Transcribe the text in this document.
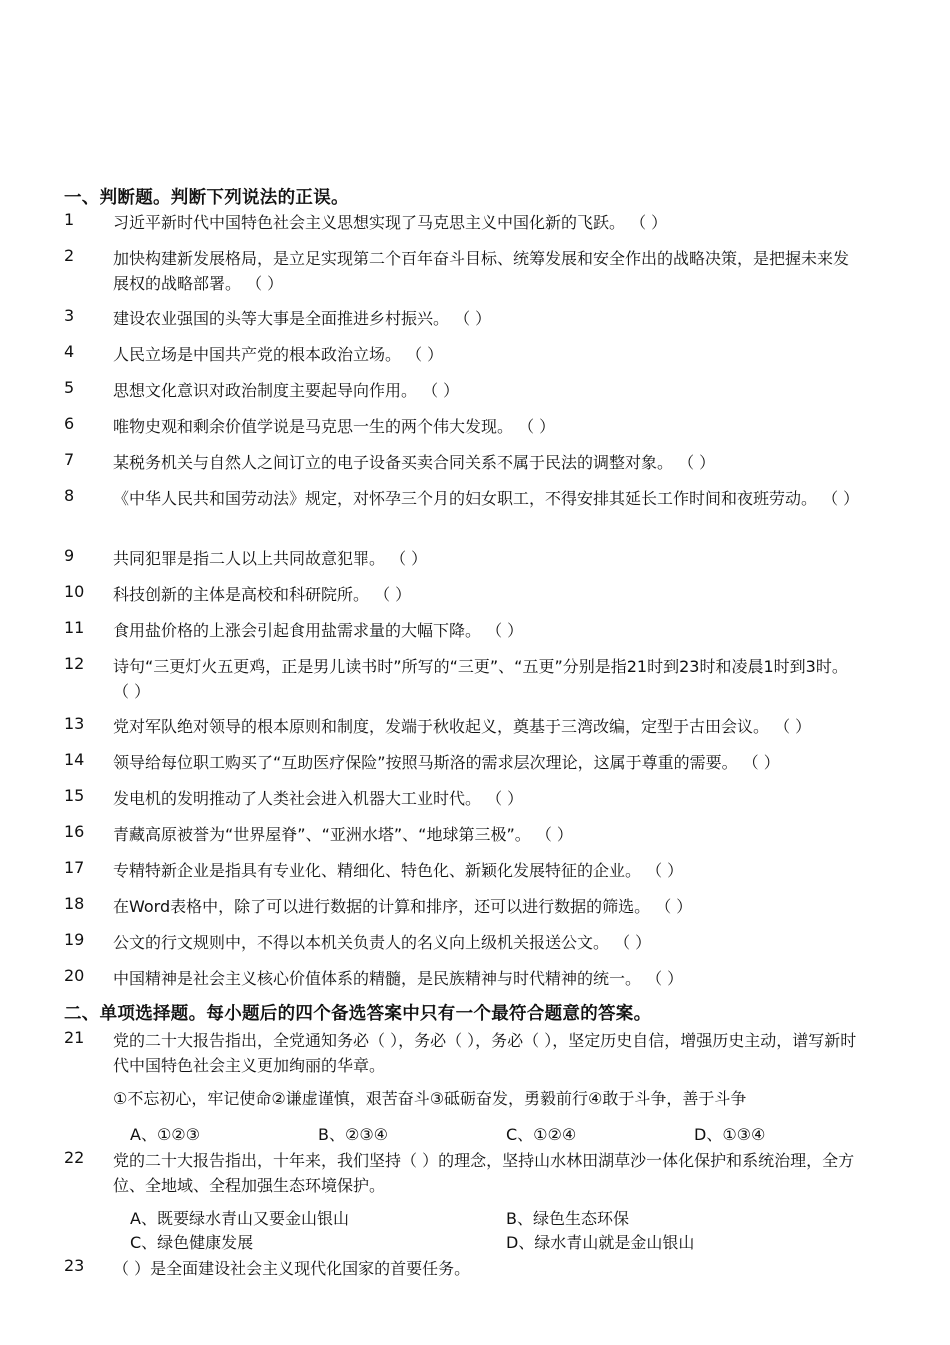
一、判断题。判断下列说法的正误。
1	习近平新时代中国特色社会主义思想实现了马克思主义中国化新的飞跃。 （ ）
2	加快构建新发展格局，是立足实现第二个百年奋斗目标、统筹发展和安全作出的战略决策，是把握未来发展权的战略部署。 （ ）
3	建设农业强国的头等大事是全面推进乡村振兴。 （ ）
4	人民立场是中国共产党的根本政治立场。 （ ）
5	思想文化意识对政治制度主要起导向作用。 （ ）
6	唯物史观和剩余价值学说是马克思一生的两个伟大发现。 （ ）
7	某税务机关与自然人之间订立的电子设备买卖合同关系不属于民法的调整对象。 （ ）
8	《中华人民共和国劳动法》规定，对怀孕三个月的妇女职工，不得安排其延长工作时间和夜班劳动。 （ ）
9	共同犯罪是指二人以上共同故意犯罪。 （ ）
10	科技创新的主体是高校和科研院所。 （ ）
11	食用盐价格的上涨会引起食用盐需求量的大幅下降。 （ ）
12	诗句“三更灯火五更鸡，正是男儿读书时”所写的“三更”、“五更”分别是指21时到23时和凌晨1时到3时。 （ ）
13	党对军队绝对领导的根本原则和制度，发端于秋收起义，奠基于三湾改编，定型于古田会议。 （ ）
14	领导给每位职工购买了“互助医疗保险”按照马斯洛的需求层次理论，这属于尊重的需要。 （ ）
15	发电机的发明推动了人类社会进入机器大工业时代。 （ ）
16	青藏高原被誉为“世界屋脊”、“亚洲水塔”、“地球第三极”。 （ ）
17	专精特新企业是指具有专业化、精细化、特色化、新颖化发展特征的企业。 （ ）
18	在Word表格中，除了可以进行数据的计算和排序，还可以进行数据的筛选。 （ ）
19	公文的行文规则中，不得以本机关负责人的名义向上级机关报送公文。 （ ）
20	中国精神是社会主义核心价值体系的精髓，是民族精神与时代精神的统一。 （ ）
二、单项选择题。每小题后的四个备选答案中只有一个最符合题意的答案。
21	党的二十大报告指出，全党通知务必（ ），务必（ ），务必（ ），坚定历史自信，增强历史主动，谱写新时代中国特色社会主义更加绚丽的华章。
①不忘初心，牢记使命②谦虚谨慎，艰苦奋斗③砥砺奋发，勇毅前行④敢于斗争，善于斗争
A、①②③	B、②③④	C、①②④	D、①③④
22	党的二十大报告指出，十年来，我们坚持（ ）的理念，坚持山水林田湖草沙一体化保护和系统治理，全方位、全地域、全程加强生态环境保护。
A、既要绿水青山又要金山银山	B、绿色生态环保
C、绿色健康发展	D、绿水青山就是金山银山
23	（ ）是全面建设社会主义现代化国家的首要任务。
